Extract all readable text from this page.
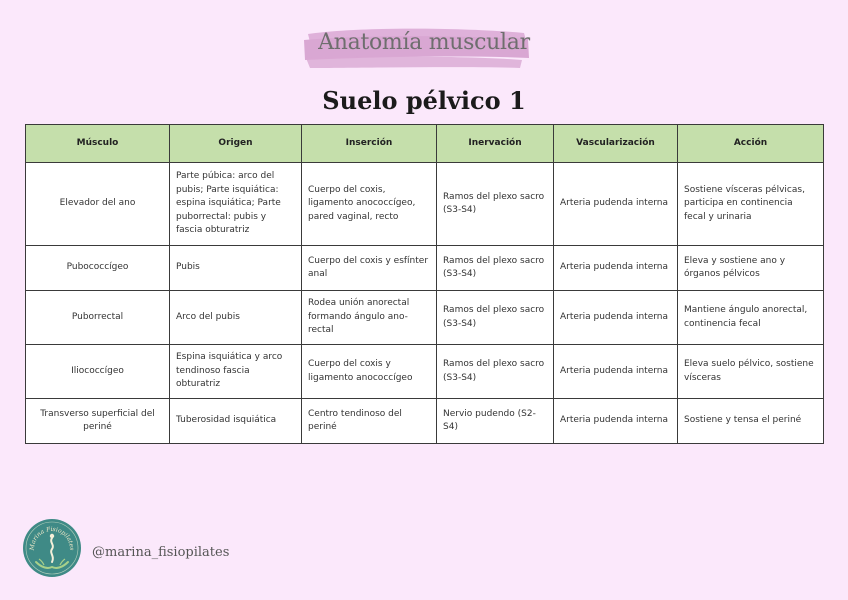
Anatomía muscular
Suelo pélvico 1
Músculo	Origen	Inserción	Inervación	Vascularización	Acción
Elevador del ano	Parte púbica: arco del pubis; Parte isquiática: espina isquiática; Parte puborrectal: pubis y fascia obturatriz	Cuerpo del coxis, ligamento anococcígeo, pared vaginal, recto	Ramos del plexo sacro (S3-S4)	Arteria pudenda interna	Sostiene vísceras pélvicas, participa en continencia fecal y urinaria
Pubococcígeo	Pubis	Cuerpo del coxis y esfínter anal	Ramos del plexo sacro (S3-S4)	Arteria pudenda interna	Eleva y sostiene ano y órganos pélvicos
Puborrectal	Arco del pubis	Rodea unión anorectal formando ángulo ano-rectal	Ramos del plexo sacro (S3-S4)	Arteria pudenda interna	Mantiene ángulo anorectal, continencia fecal
Iliococcígeo	Espina isquiática y arco tendinoso fascia obturatriz	Cuerpo del coxis y ligamento anococcígeo	Ramos del plexo sacro (S3-S4)	Arteria pudenda interna	Eleva suelo pélvico, sostiene vísceras
Transverso superficial del periné	Tuberosidad isquiática	Centro tendinoso del periné	Nervio pudendo (S2-S4)	Arteria pudenda interna	Sostiene y tensa el periné
Marina Fisiopilates @marina_fisiopilates
